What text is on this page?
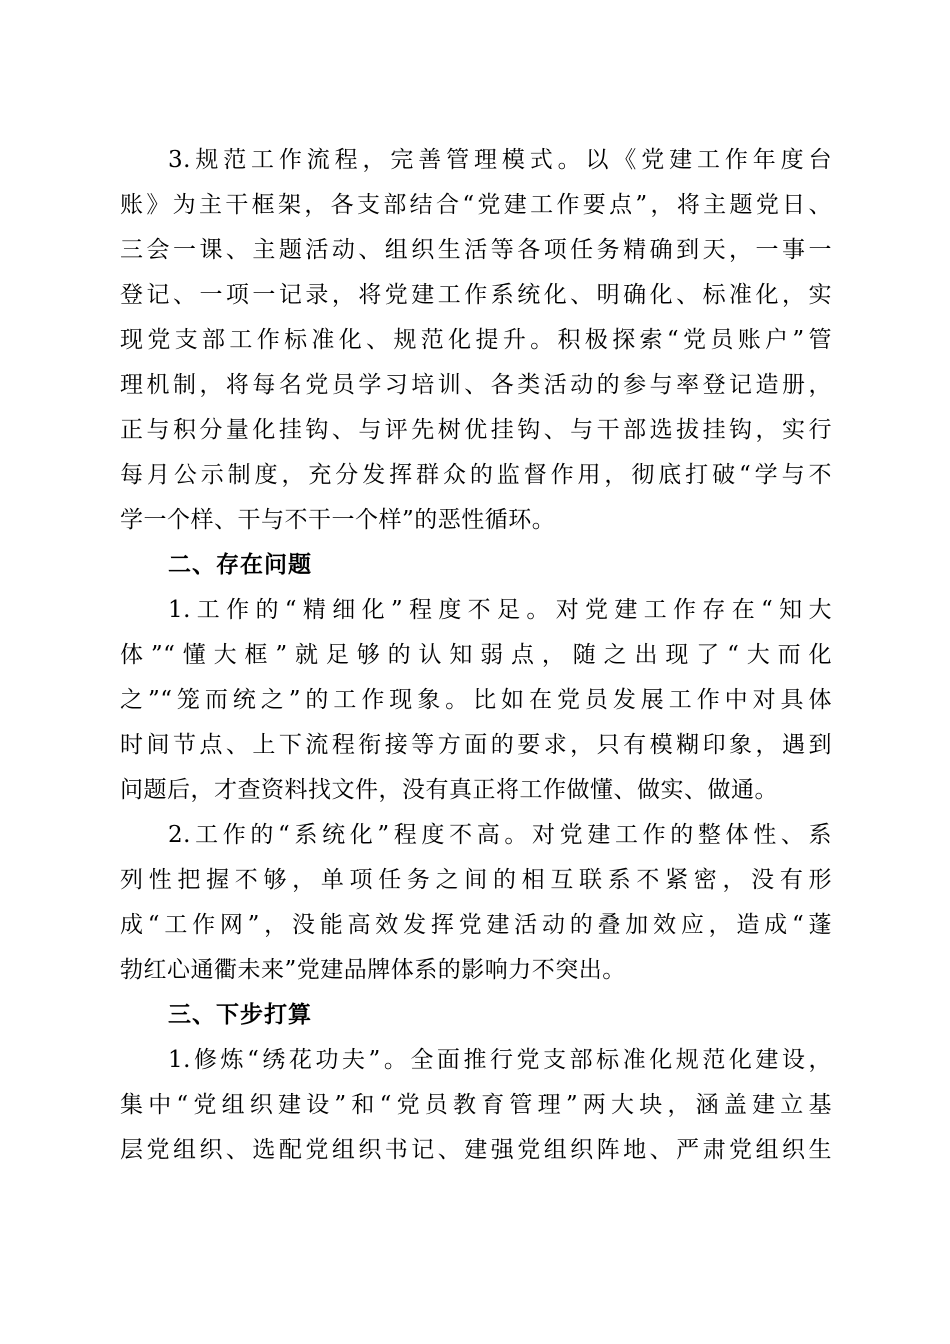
3.规范工作流程，完善管理模式。以《党建工作年度台
账》为主干框架，各支部结合“党建工作要点”，将主题党日、
三会一课、主题活动、组织生活等各项任务精确到天，一事一
登记、一项一记录，将党建工作系统化、明确化、标准化，实
现党支部工作标准化、规范化提升。积极探索“党员账户”管
理机制，将每名党员学习培训、各类活动的参与率登记造册，
正与积分量化挂钩、与评先树优挂钩、与干部选拔挂钩，实行
每月公示制度，充分发挥群众的监督作用，彻底打破“学与不
学一个样、干与不干一个样”的恶性循环。
二、存在问题
1.工作的“精细化”程度不足。对党建工作存在“知大
体”“懂大框”就足够的认知弱点，随之出现了“大而化
之”“笼而统之”的工作现象。比如在党员发展工作中对具体
时间节点、上下流程衔接等方面的要求，只有模糊印象，遇到
问题后，才查资料找文件，没有真正将工作做懂、做实、做通。
2.工作的“系统化”程度不高。对党建工作的整体性、系
列性把握不够，单项任务之间的相互联系不紧密，没有形
成“工作网”，没能高效发挥党建活动的叠加效应，造成“蓬
勃红心通衢未来”党建品牌体系的影响力不突出。
三、下步打算
1.修炼“绣花功夫”。全面推行党支部标准化规范化建设，
集中“党组织建设”和“党员教育管理”两大块，涵盖建立基
层党组织、选配党组织书记、建强党组织阵地、严肃党组织生
